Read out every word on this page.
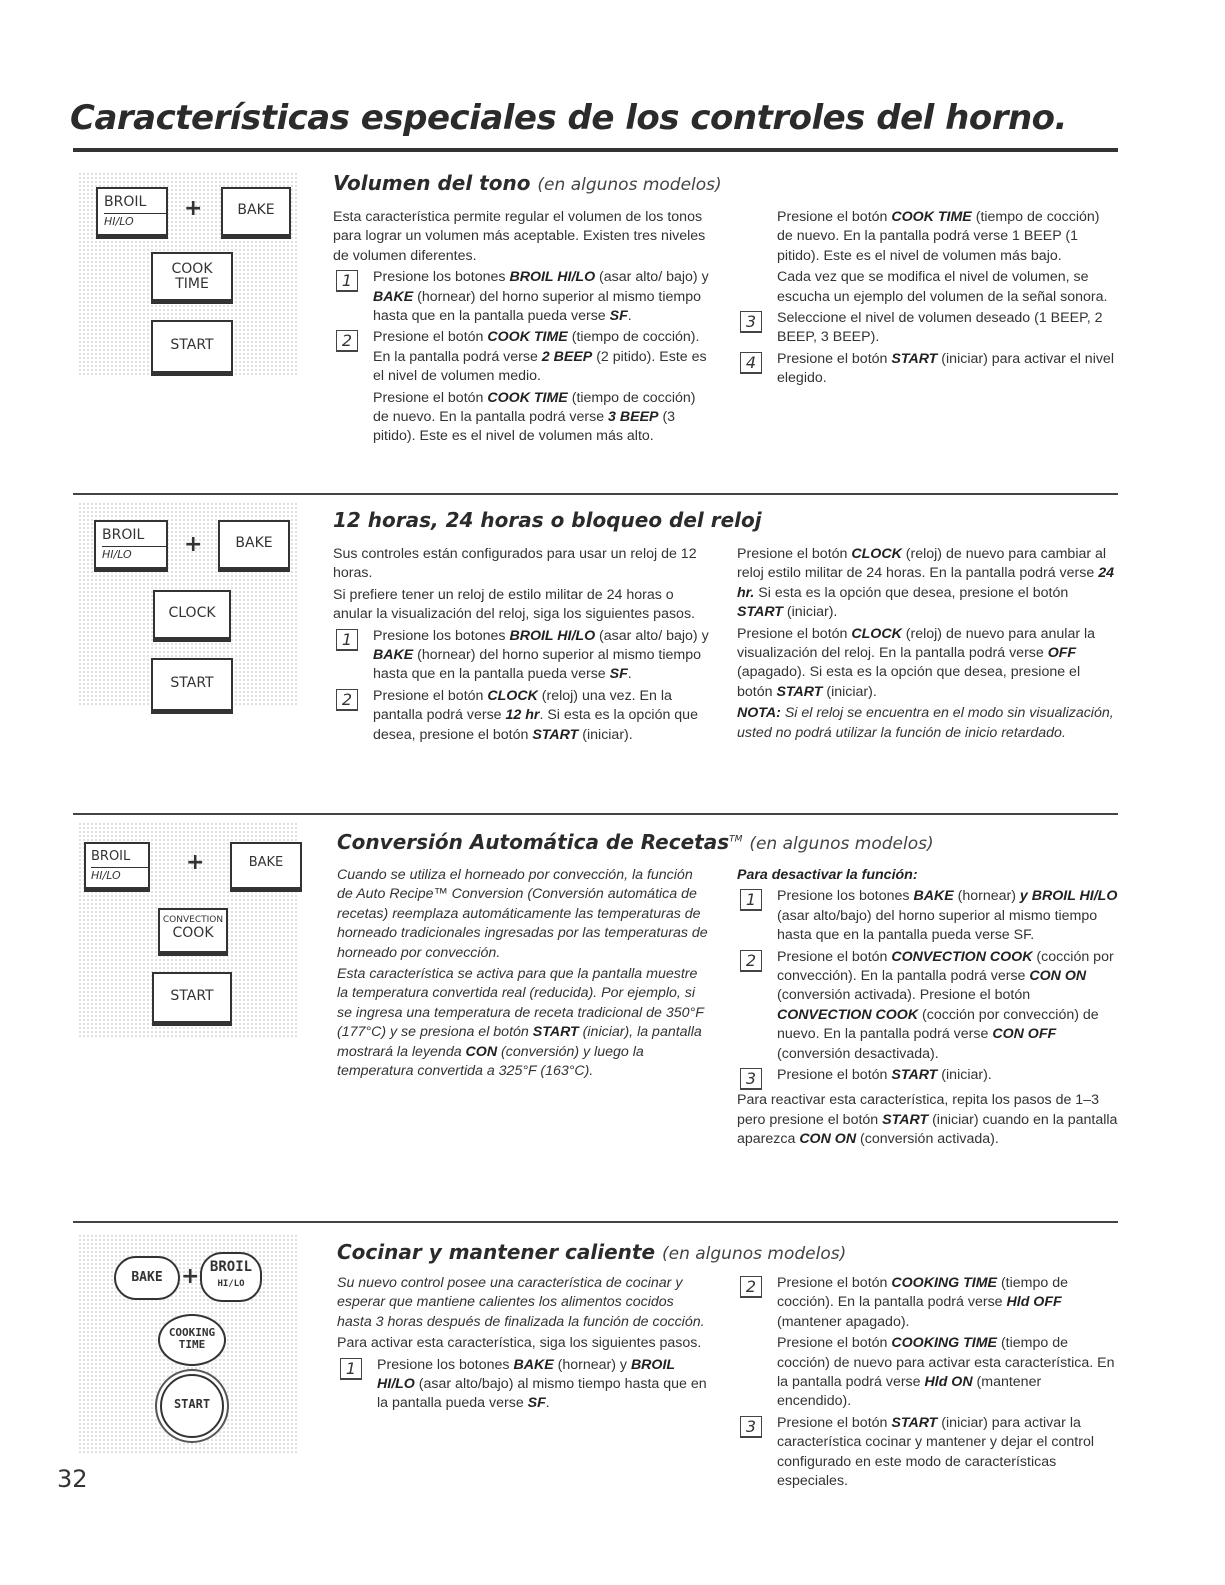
Características especiales de los controles del horno.
BROIL
HI/LO
+	BAKE
COOK
TIME
START
Volumen del tono (en algunos modelos)

Esta característica permite regular el volumen de los tonos para lograr un volumen más aceptable. Existen tres niveles de volumen diferentes.

1	Presione los botones BROIL HI/LO (asar alto/ bajo) y BAKE (hornear) del horno superior al mismo tiempo hasta que en la pantalla pueda verse SF.
2	Presione el botón COOK TIME (tiempo de cocción). En la pantalla podrá verse 2 BEEP (2 pitido). Este es el nivel de volumen medio.

Presione el botón COOK TIME (tiempo de cocción) de nuevo. En la pantalla podrá verse 3 BEEP (3 pitido). Este es el nivel de volumen más alto.

Presione el botón COOK TIME (tiempo de cocción) de nuevo. En la pantalla podrá verse 1 BEEP (1 pitido). Este es el nivel de volumen más bajo.

Cada vez que se modifica el nivel de volumen, se escucha un ejemplo del volumen de la señal sonora.

3	Seleccione el nivel de volumen deseado (1 BEEP, 2 BEEP, 3 BEEP).
4	Presione el botón START (iniciar) para activar el nivel elegido.
BROIL
HI/LO	+	BAKE
CLOCK
START
12 horas, 24 horas o bloqueo del reloj

Sus controles están configurados para usar un reloj de 12 horas.

Si prefiere tener un reloj de estilo militar de 24 horas o anular la visualización del reloj, siga los siguientes pasos.

1	Presione los botones BROIL HI/LO (asar alto/ bajo) y BAKE (hornear) del horno superior al mismo tiempo hasta que en la pantalla pueda verse SF.
2	Presione el botón CLOCK (reloj) una vez. En la pantalla podrá verse 12 hr. Si esta es la opción que desea, presione el botón START (iniciar).

Presione el botón CLOCK (reloj) de nuevo para cambiar al reloj estilo militar de 24 horas. En la pantalla podrá verse 24 hr. Si esta es la opción que desea, presione el botón START (iniciar).

Presione el botón CLOCK (reloj) de nuevo para anular la visualización del reloj. En la pantalla podrá verse OFF (apagado). Si esta es la opción que desea, presione el botón START (iniciar).

NOTA: Si el reloj se encuentra en el modo sin visualización, usted no podrá utilizar la función de inicio retardado.

BROIL
HI/LO
+	BAKE
CONVECTION
COOK
START
Conversión Automática de Recetas™ (en algunos modelos)

Cuando se utiliza el horneado por convección, la función de Auto Recipe™ Conversion (Conversión automática de recetas) reemplaza automáticamente las temperaturas de horneado tradicionales ingresadas por las temperaturas de horneado por convección.

Esta característica se activa para que la pantalla muestre la temperatura convertida real (reducida). Por ejemplo, si se ingresa una temperatura de receta tradicional de 350°F (177°C) y se presiona el botón START (iniciar), la pantalla mostrará la leyenda CON (conversión) y luego la temperatura convertida a 325°F (163°C).

Para desactivar la función:

1	Presione los botones BAKE (hornear) y BROIL HI/LO (asar alto/bajo) del horno superior al mismo tiempo hasta que en la pantalla pueda verse SF.
2	Presione el botón CONVECTION COOK (cocción por convección). En la pantalla podrá verse CON ON (conversión activada). Presione el botón CONVECTION COOK (cocción por convección) de nuevo. En la pantalla podrá verse CON OFF (conversión desactivada).
3	Presione el botón START (iniciar).

Para reactivar esta característica, repita los pasos de 1–3 pero presione el botón START (iniciar) cuando en la pantalla aparezca CON ON (conversión activada).

BAKE + BROIL
HI/LO
COOKING
TIME
START
Cocinar y mantener caliente (en algunos modelos)

Su nuevo control posee una característica de cocinar y esperar que mantiene calientes los alimentos cocidos hasta 3 horas después de finalizada la función de cocción.

Para activar esta característica, siga los siguientes pasos.

1	Presione los botones BAKE (hornear) y BROIL HI/LO (asar alto/bajo) al mismo tiempo hasta que en la pantalla pueda verse SF.
2	Presione el botón COOKING TIME (tiempo de cocción). En la pantalla podrá verse Hld OFF (mantener apagado).

Presione el botón COOKING TIME (tiempo de cocción) de nuevo para activar esta característica. En la pantalla podrá verse Hld ON (mantener encendido).

3	Presione el botón START (iniciar) para activar la característica cocinar y mantener y dejar el control configurado en este modo de características especiales.
32
